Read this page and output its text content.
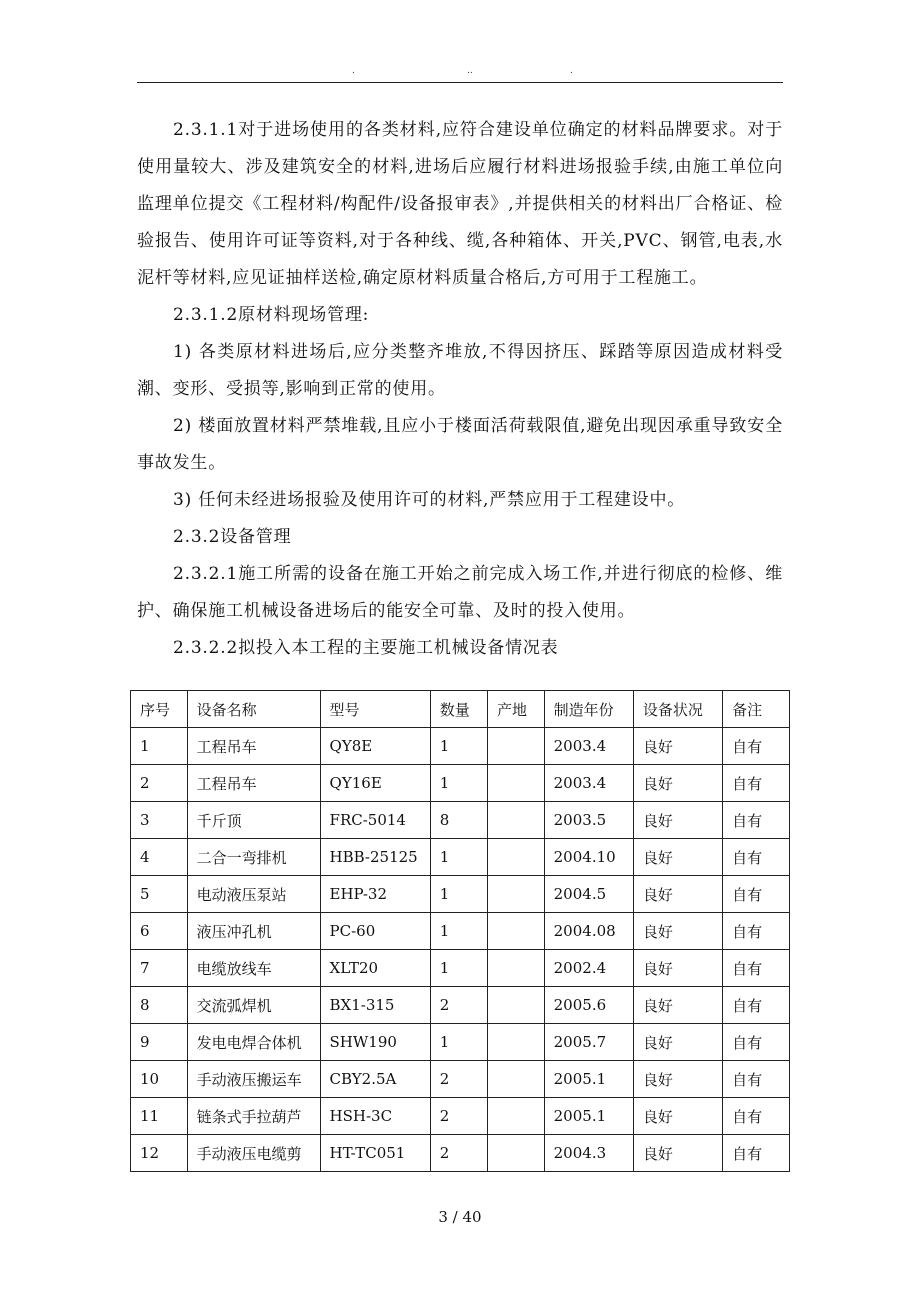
.	..	.

2.3.1.1对于进场使用的各类材料,应符合建设单位确定的材料品牌要求。对于使用量较大、涉及建筑安全的材料,进场后应履行材料进场报验手续,由施工单位向监理单位提交《工程材料/构配件/设备报审表》,并提供相关的材料出厂合格证、检验报告、使用许可证等资料,对于各种线、缆,各种箱体、开关,PVC、钢管,电表,水泥杆等材料,应见证抽样送检,确定原材料质量合格后,方可用于工程施工。

2.3.1.2原材料现场管理:

1) 各类原材料进场后,应分类整齐堆放,不得因挤压、踩踏等原因造成材料受潮、变形、受损等,影响到正常的使用。

2) 楼面放置材料严禁堆载,且应小于楼面活荷载限值,避免出现因承重导致安全事故发生。

3) 任何未经进场报验及使用许可的材料,严禁应用于工程建设中。

2.3.2设备管理

2.3.2.1施工所需的设备在施工开始之前完成入场工作,并进行彻底的检修、维护、确保施工机械设备进场后的能安全可靠、及时的投入使用。

2.3.2.2拟投入本工程的主要施工机械设备情况表

序号	设备名称	型号	数量	产地	制造年份	设备状况	备注
1	工程吊车	QY8E	1		2003.4	良好	自有
2	工程吊车	QY16E	1		2003.4	良好	自有
3	千斤顶	FRC-5014	8		2003.5	良好	自有
4	二合一弯排机	HBB-25125	1		2004.10	良好	自有
5	电动液压泵站	EHP-32	1		2004.5	良好	自有
6	液压冲孔机	PC-60	1		2004.08	良好	自有
7	电缆放线车	XLT20	1		2002.4	良好	自有
8	交流弧焊机	BX1-315	2		2005.6	良好	自有
9	发电电焊合体机	SHW190	1		2005.7	良好	自有
10	手动液压搬运车	CBY2.5A	2		2005.1	良好	自有
11	链条式手拉葫芦	HSH-3C	2		2005.1	良好	自有
12	手动液压电缆剪	HT-TC051	2		2004.3	良好	自有
3 / 40
